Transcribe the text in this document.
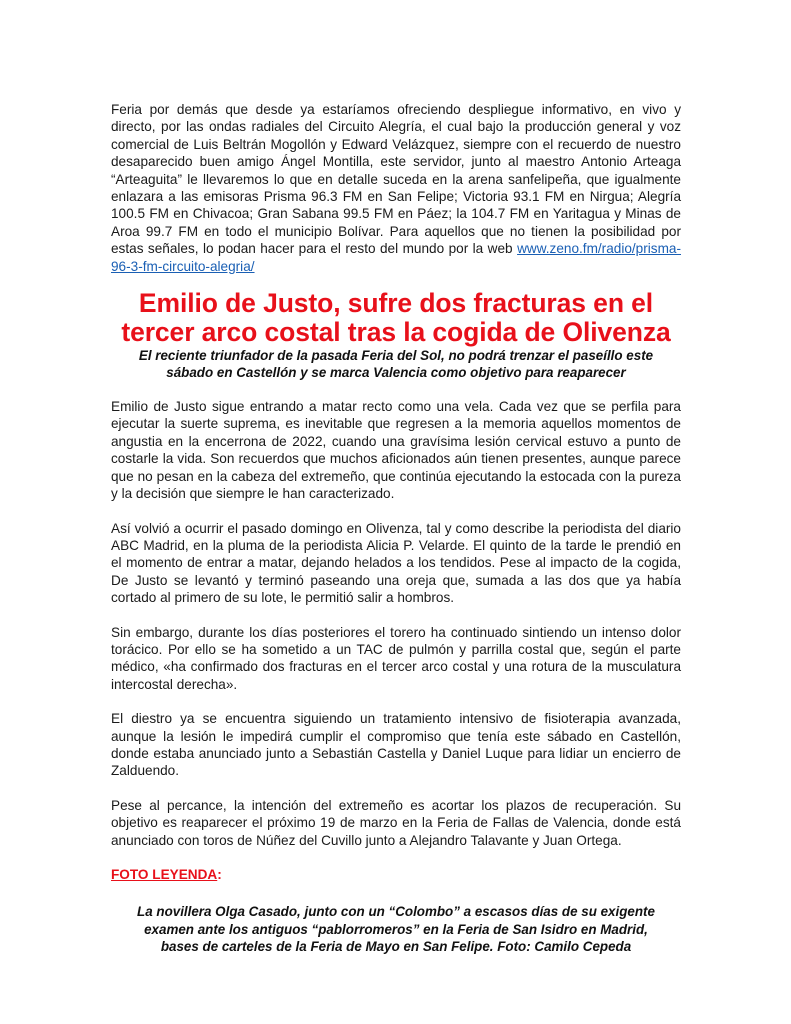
Feria por demás que desde ya estaríamos ofreciendo despliegue informativo, en vivo y directo, por las ondas radiales del Circuito Alegría, el cual bajo la producción general y voz comercial de Luis Beltrán Mogollón y Edward Velázquez, siempre con el recuerdo de nuestro desaparecido buen amigo Ángel Montilla, este servidor, junto al maestro Antonio Arteaga “Arteaguita” le llevaremos lo que en detalle suceda en la arena sanfelipeña, que igualmente enlazara a las emisoras Prisma 96.3 FM en San Felipe; Victoria 93.1 FM en Nirgua; Alegría 100.5 FM en Chivacoa; Gran Sabana 99.5 FM en Páez; la 104.7 FM en Yaritagua y Minas de Aroa 99.7 FM en todo el municipio Bolívar. Para aquellos que no tienen la posibilidad por estas señales, lo podan hacer para el resto del mundo por la web www.zeno.fm/radio/prisma-96-3-fm-circuito-alegria/

Emilio de Justo, sufre dos fracturas en el
tercer arco costal tras la cogida de Olivenza

El reciente triunfador de la pasada Feria del Sol, no podrá trenzar el paseíllo este
sábado en Castellón y se marca Valencia como objetivo para reaparecer

Emilio de Justo sigue entrando a matar recto como una vela. Cada vez que se perfila para ejecutar la suerte suprema, es inevitable que regresen a la memoria aquellos momentos de angustia en la encerrona de 2022, cuando una gravísima lesión cervical estuvo a punto de costarle la vida. Son recuerdos que muchos aficionados aún tienen presentes, aunque parece que no pesan en la cabeza del extremeño, que continúa ejecutando la estocada con la pureza y la decisión que siempre le han caracterizado.

Así volvió a ocurrir el pasado domingo en Olivenza, tal y como describe la periodista del diario ABC Madrid, en la pluma de la periodista Alicia P. Velarde. El quinto de la tarde le prendió en el momento de entrar a matar, dejando helados a los tendidos. Pese al impacto de la cogida, De Justo se levantó y terminó paseando una oreja que, sumada a las dos que ya había cortado al primero de su lote, le permitió salir a hombros.

Sin embargo, durante los días posteriores el torero ha continuado sintiendo un intenso dolor torácico. Por ello se ha sometido a un TAC de pulmón y parrilla costal que, según el parte médico, «ha confirmado dos fracturas en el tercer arco costal y una rotura de la musculatura intercostal derecha».

El diestro ya se encuentra siguiendo un tratamiento intensivo de fisioterapia avanzada, aunque la lesión le impedirá cumplir el compromiso que tenía este sábado en Castellón, donde estaba anunciado junto a Sebastián Castella y Daniel Luque para lidiar un encierro de Zalduendo.

Pese al percance, la intención del extremeño es acortar los plazos de recuperación. Su objetivo es reaparecer el próximo 19 de marzo en la Feria de Fallas de Valencia, donde está anunciado con toros de Núñez del Cuvillo junto a Alejandro Talavante y Juan Ortega.

FOTO LEYENDA:

La novillera Olga Casado, junto con un “Colombo” a escasos días de su exigente
examen ante los antiguos “pablorromeros” en la Feria de San Isidro en Madrid,
bases de carteles de la Feria de Mayo en San Felipe. Foto: Camilo Cepeda
